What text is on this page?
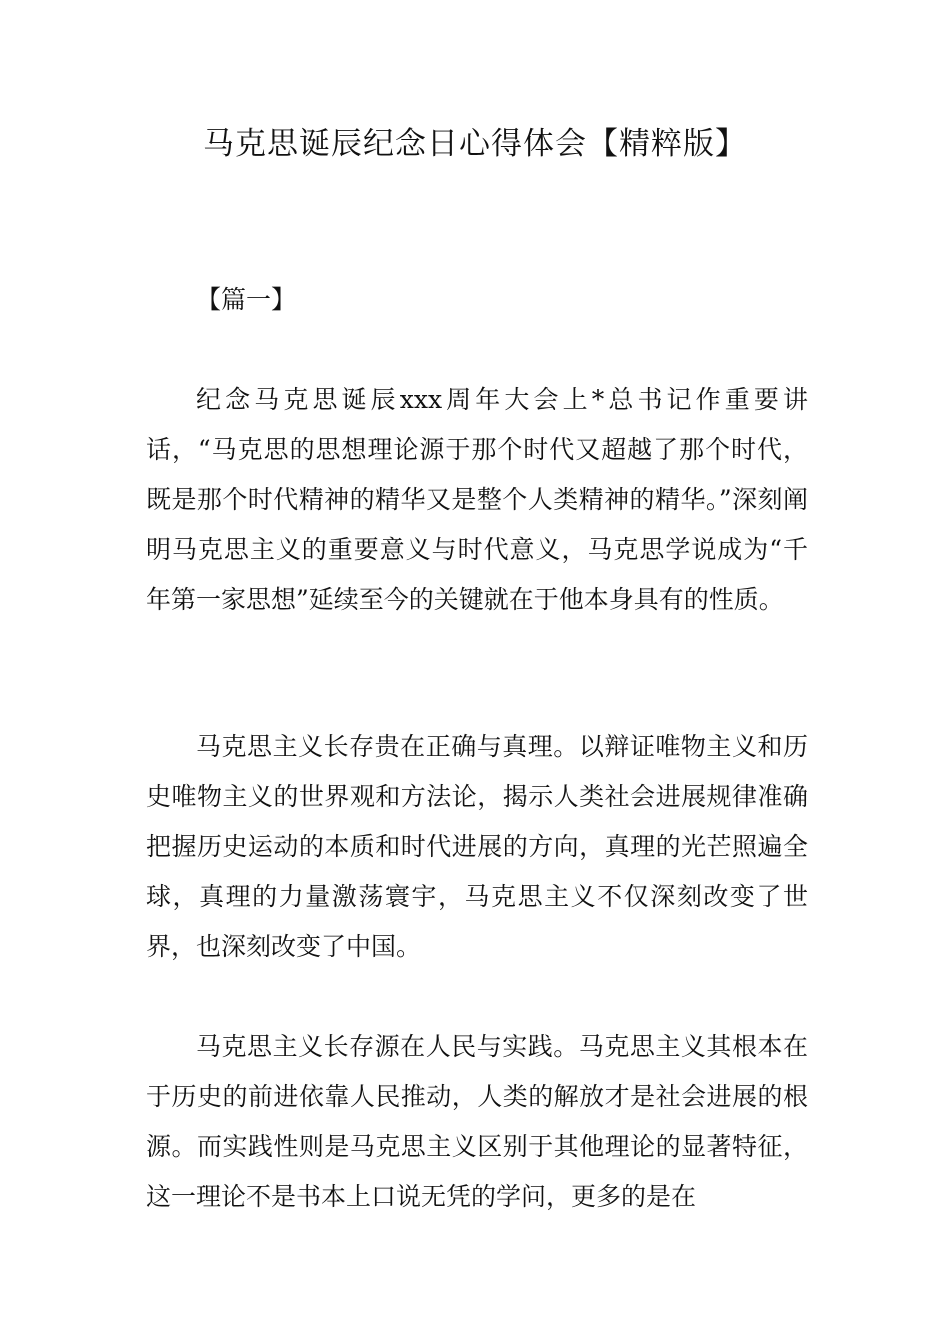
马克思诞辰纪念日心得体会【精粹版】
【篇一】

纪念马克思诞辰xxx周年大会上*总书记作重要讲话，“马克思的思想理论源于那个时代又超越了那个时代，既是那个时代精神的精华又是整个人类精神的精华。”深刻阐明马克思主义的重要意义与时代意义，马克思学说成为“千年第一家思想”延续至今的关键就在于他本身具有的性质。

马克思主义长存贵在正确与真理。以辩证唯物主义和历史唯物主义的世界观和方法论，揭示人类社会进展规律准确把握历史运动的本质和时代进展的方向，真理的光芒照遍全球，真理的力量激荡寰宇，马克思主义不仅深刻改变了世界，也深刻改变了中国。

马克思主义长存源在人民与实践。马克思主义其根本在于历史的前进依靠人民推动，人类的解放才是社会进展的根源。而实践性则是马克思主义区别于其他理论的显著特征，这一理论不是书本上口说无凭的学问，更多的是在
